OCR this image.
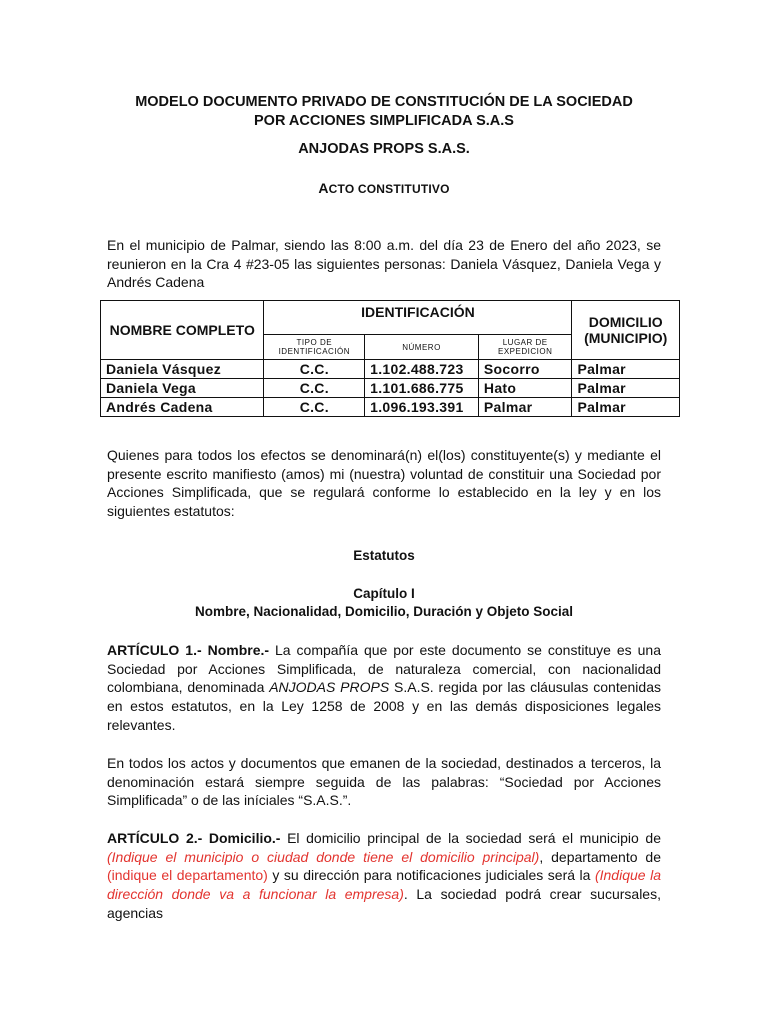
MODELO DOCUMENTO PRIVADO DE CONSTITUCIÓN DE LA SOCIEDAD
POR ACCIONES SIMPLIFICADA S.A.S
ANJODAS PROPS S.A.S.
ACTO CONSTITUTIVO
En el municipio de Palmar, siendo las 8:00 a.m. del día 23 de Enero del año 2023, se reunieron en la Cra 4 #23-05 las siguientes personas: Daniela Vásquez, Daniela Vega y Andrés Cadena
NOMBRE COMPLETO	IDENTIFICACIÓN			DOMICILIO (MUNICIPIO)
	TIPO DE IDENTIFICACIÓN	NÚMERO	LUGAR DE EXPEDICION	
Daniela Vásquez	C.C.	1.102.488.723	Socorro	Palmar
Daniela Vega	C.C.	1.101.686.775	Hato	Palmar
Andrés Cadena	C.C.	1.096.193.391	Palmar	Palmar
Quienes para todos los efectos se denominará(n) el(los) constituyente(s) y mediante el presente escrito manifiesto (amos) mi (nuestra) voluntad de constituir una Sociedad por Acciones Simplificada, que se regulará conforme lo establecido en la ley y en los siguientes estatutos:
Estatutos
Capítulo I
Nombre, Nacionalidad, Domicilio, Duración y Objeto Social
ARTÍCULO 1.- Nombre.- La compañía que por este documento se constituye es una Sociedad por Acciones Simplificada, de naturaleza comercial, con nacionalidad colombiana, denominada ANJODAS PROPS S.A.S. regida por las cláusulas contenidas en estos estatutos, en la Ley 1258 de 2008 y en las demás disposiciones legales relevantes.
En todos los actos y documentos que emanen de la sociedad, destinados a terceros, la denominación estará siempre seguida de las palabras: “Sociedad por Acciones Simplificada” o de las iníciales “S.A.S.”.
ARTÍCULO 2.- Domicilio.- El domicilio principal de la sociedad será el municipio de (Indique el municipio o ciudad donde tiene el domicilio principal), departamento de (indique el departamento) y su dirección para notificaciones judiciales será la (Indique la dirección donde va a funcionar la empresa). La sociedad podrá crear sucursales, agencias
